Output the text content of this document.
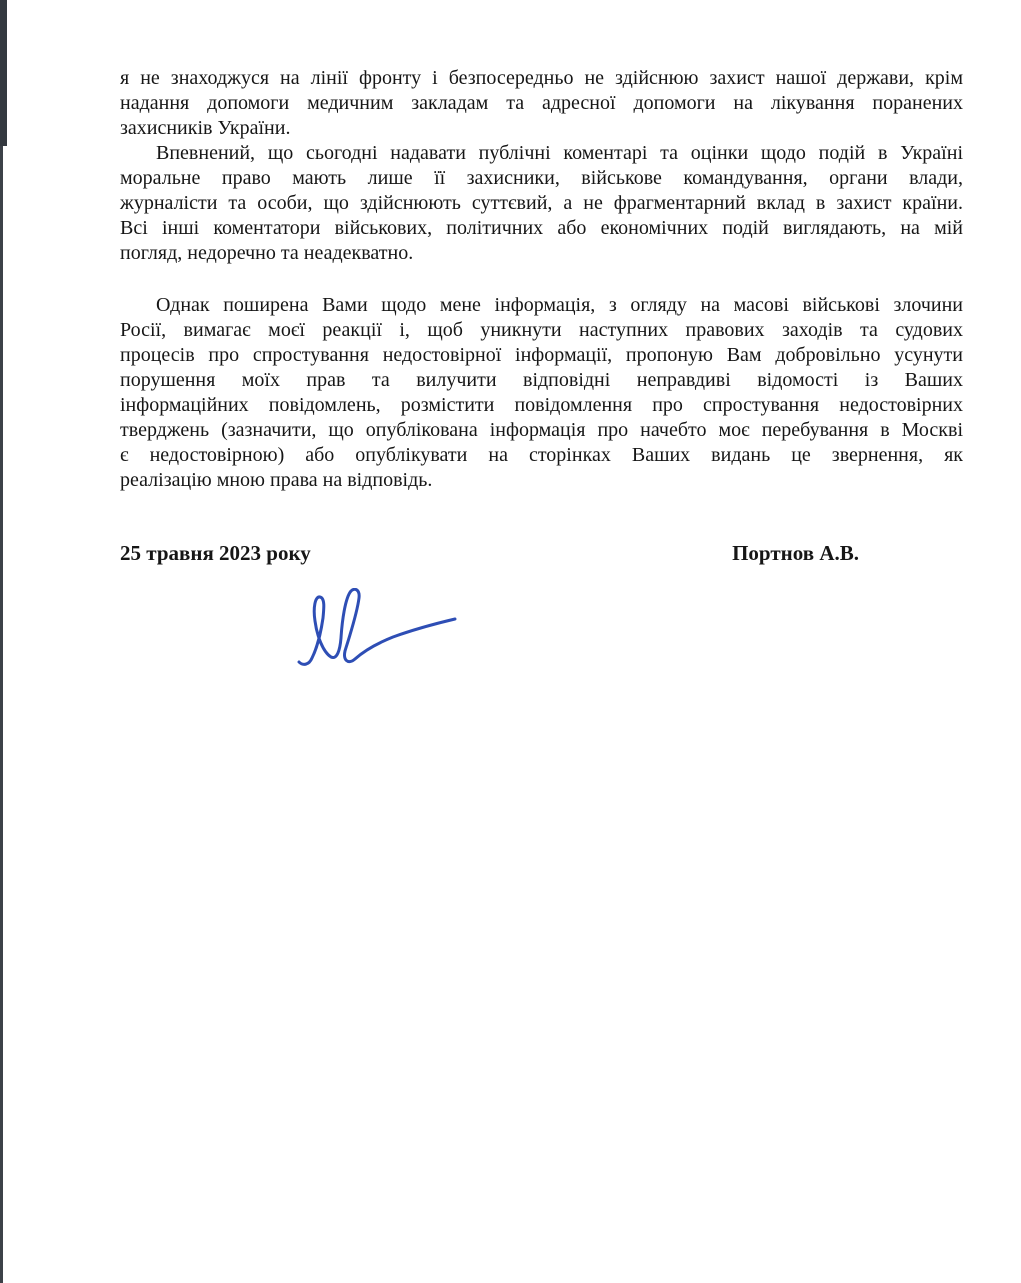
я не знаходжуся на лінії фронту і безпосередньо не здійснюю захист нашої держави, крім
надання допомоги медичним закладам та адресної допомоги на лікування поранених
захисників України.

Впевнений, що сьогодні надавати публічні коментарі та оцінки щодо подій в Україні
моральне право мають лише її захисники, військове командування, органи влади,
журналісти та особи, що здійснюють суттєвий, а не фрагментарний вклад в захист країни.
Всі інші коментатори військових, політичних або економічних подій виглядають, на мій
погляд, недоречно та неадекватно.

Однак поширена Вами щодо мене інформація, з огляду на масові військові злочини
Росії, вимагає моєї реакції і, щоб уникнути наступних правових заходів та судових
процесів про спростування недостовірної інформації, пропоную Вам добровільно усунути
порушення моїх прав та вилучити відповідні неправдиві відомості із Ваших
інформаційних повідомлень, розмістити повідомлення про спростування недостовірних
тверджень (зазначити, що опублікована інформація про начебто моє перебування в Москві
є недостовірною) або опублікувати на сторінках Ваших видань це звернення, як
реалізацію мною права на відповідь.

25 травня 2023 року	Портнов А.В.
